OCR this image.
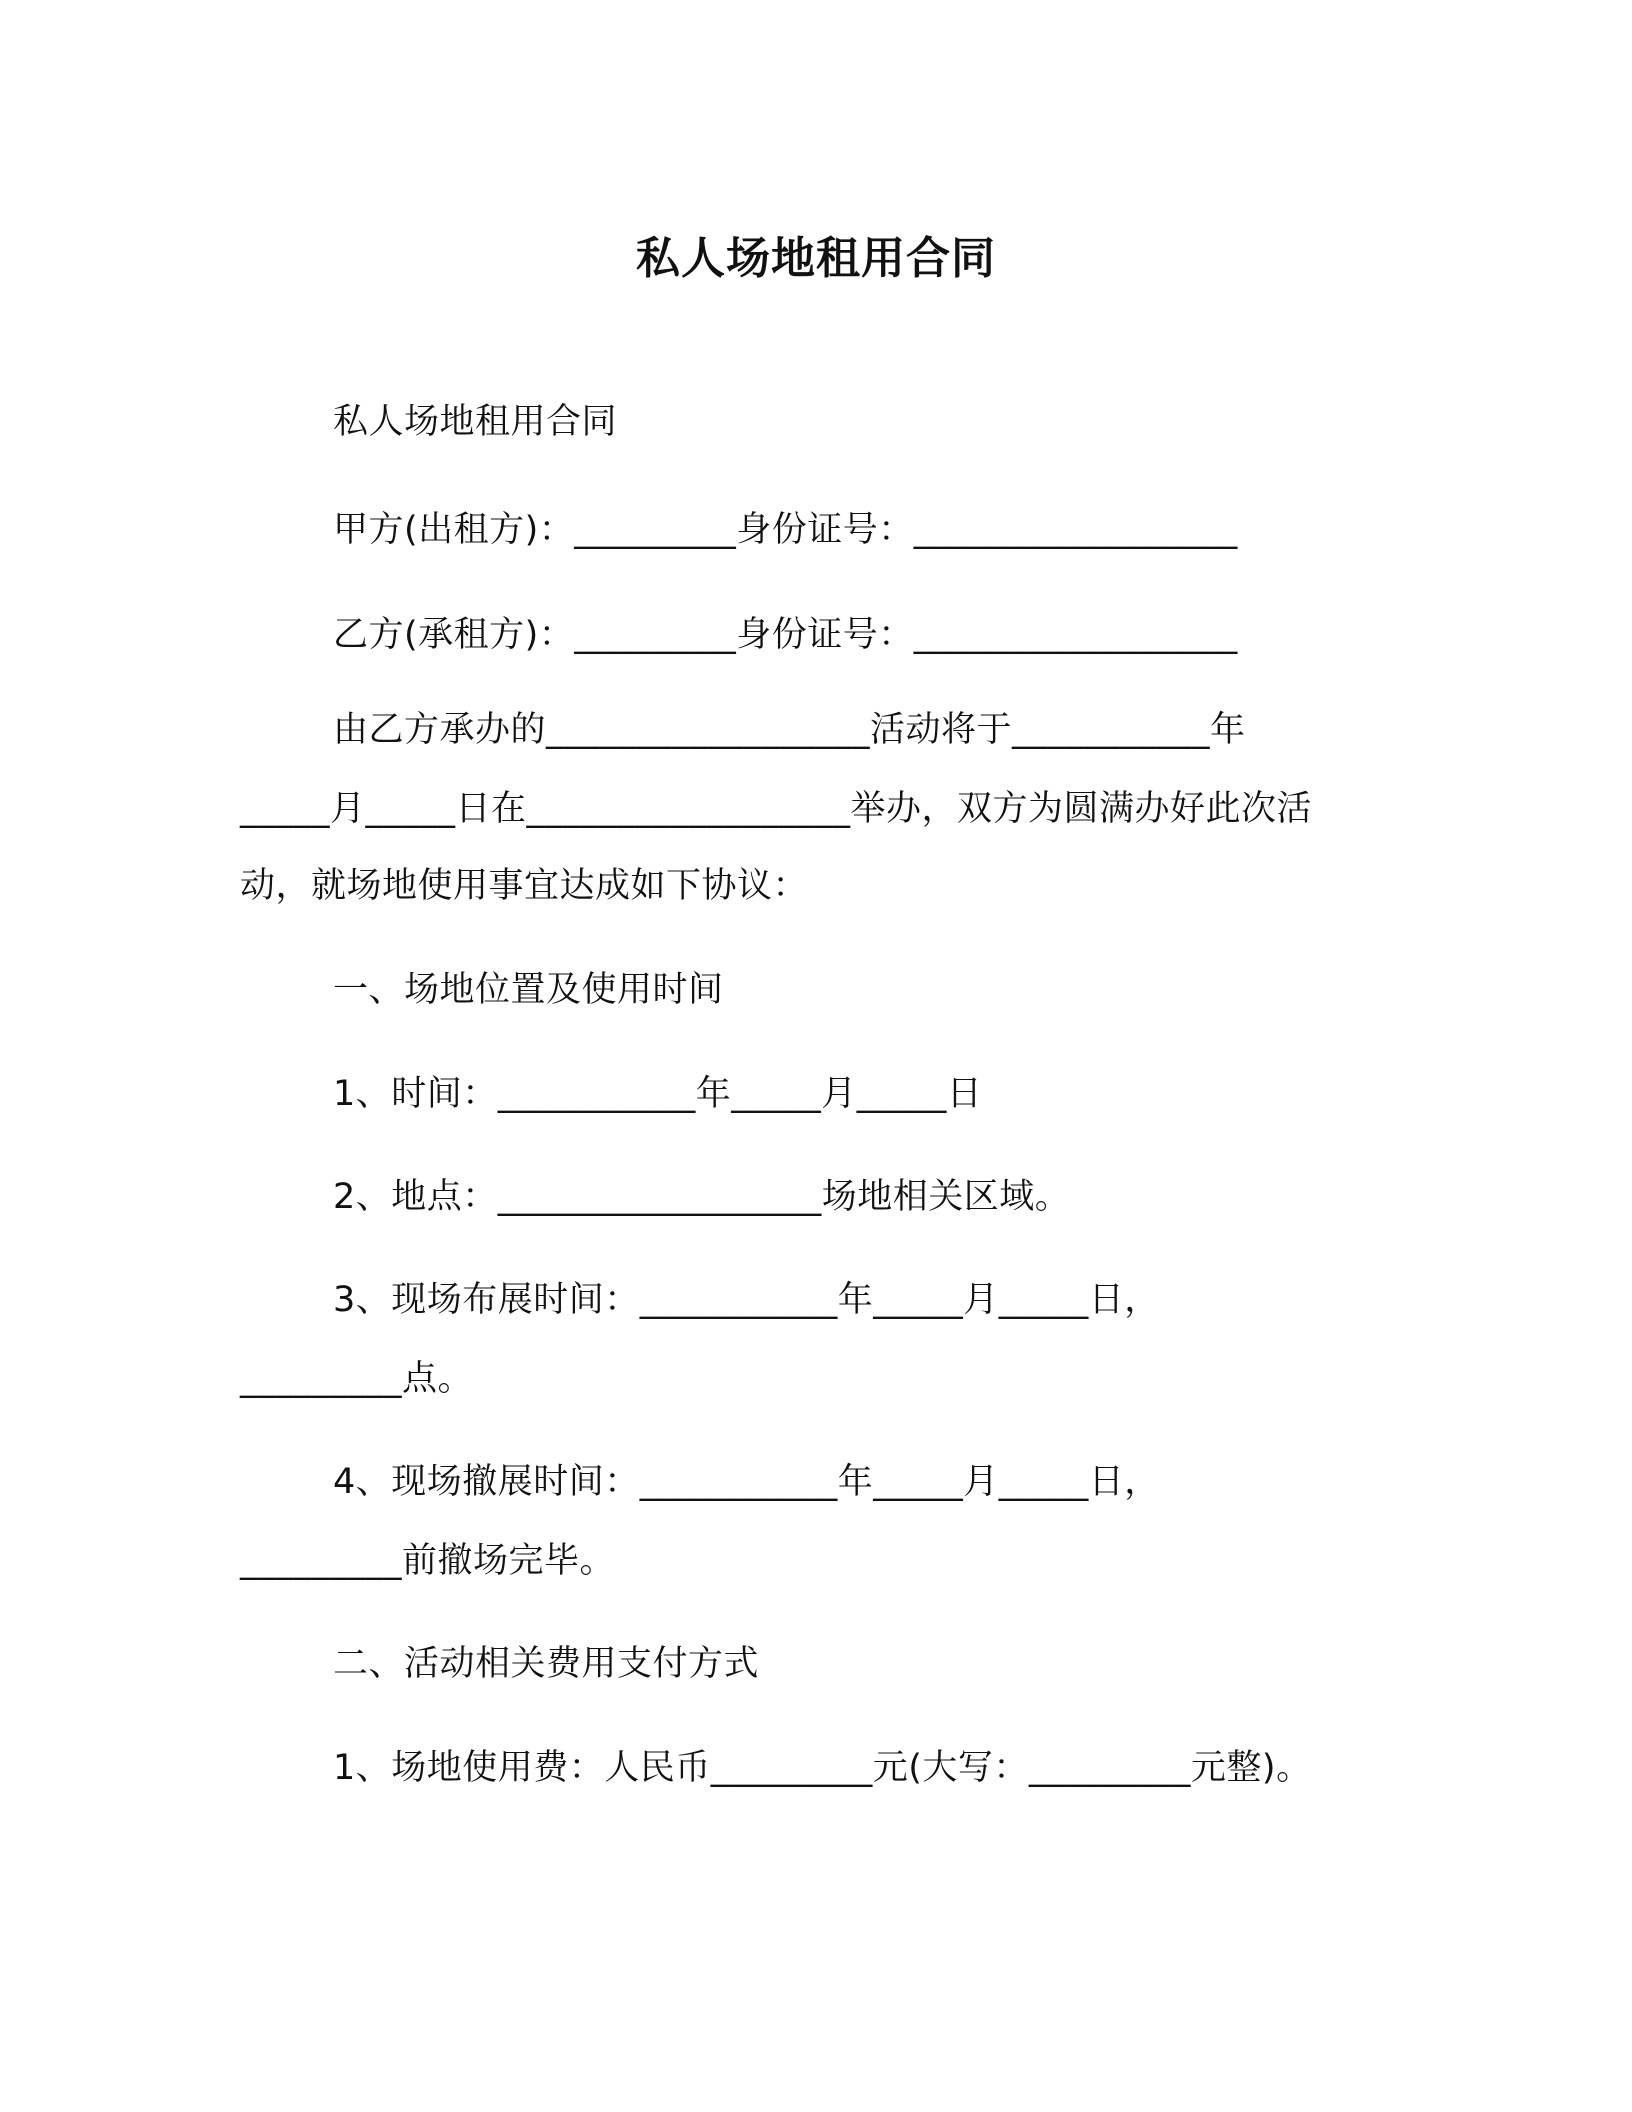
私人场地租用合同
私人场地租用合同
甲方(出租方)：_________身份证号：__________________
乙方(承租方)：_________身份证号：__________________
由乙方承办的__________________活动将于___________年
_____月_____日在__________________举办，双方为圆满办好此次活
动，就场地使用事宜达成如下协议：
一、场地位置及使用时间
1、时间：___________年_____月_____日
2、地点：__________________场地相关区域。
3、现场布展时间：___________年_____月_____日，
_________点。
4、现场撤展时间：___________年_____月_____日，
_________前撤场完毕。
二、活动相关费用支付方式
1、场地使用费：人民币_________元(大写：_________元整)。
